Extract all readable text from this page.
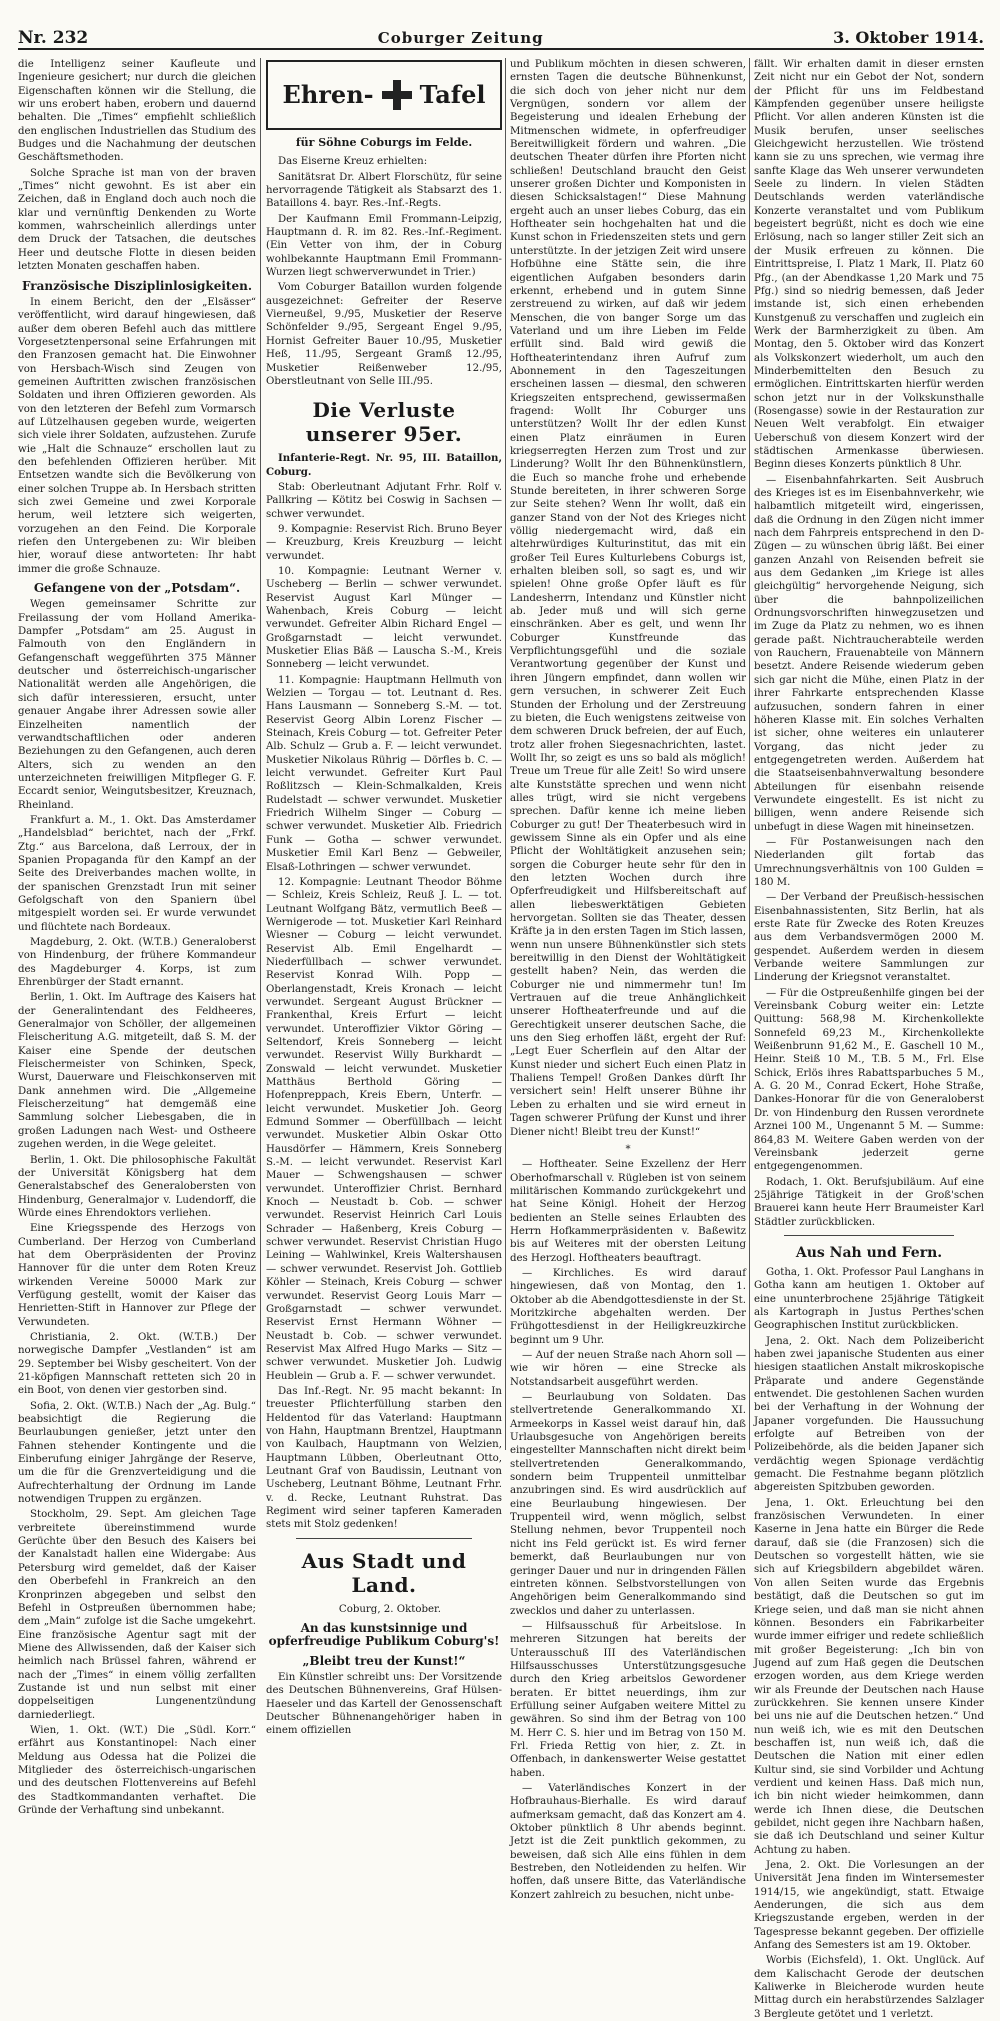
Nr. 232	Coburger Zeitung	3. Oktober 1914.

die Intelligenz seiner Kaufleute und Ingenieure gesichert; nur durch die gleichen Eigenschaften können wir die Stellung, die wir uns erobert haben, erobern und dauernd behalten. Die „Times“ empfiehlt schließlich den englischen Industriellen das Studium des Budges und die Nachahmung der deutschen Geschäftsmethoden.

Solche Sprache ist man von der braven „Times“ nicht gewohnt. Es ist aber ein Zeichen, daß in England doch auch noch die klar und vernünftig Denkenden zu Worte kommen, wahrscheinlich allerdings unter dem Druck der Tatsachen, die deutsches Heer und deutsche Flotte in diesen beiden letzten Monaten geschaffen haben.

Französische Disziplinlosigkeiten.

In einem Bericht, den der „Elsässer“ veröffentlicht, wird darauf hingewiesen, daß außer dem oberen Befehl auch das mittlere Vorgesetztenpersonal seine Erfahrungen mit den Franzosen gemacht hat. Die Einwohner von Hersbach-Wisch sind Zeugen von gemeinen Auftritten zwischen französischen Soldaten und ihren Offizieren geworden. Als von den letzteren der Befehl zum Vormarsch auf Lützelhausen gegeben wurde, weigerten sich viele ihrer Soldaten, aufzustehen. Zurufe wie „Halt die Schnauze“ erschollen laut zu den befehlenden Offizieren herüber. Mit Entsetzen wandte sich die Bevölkerung von einer solchen Truppe ab. In Hersbach stritten sich zwei Gemeine und zwei Korporale herum, weil letztere sich weigerten, vorzugehen an den Feind. Die Korporale riefen den Untergebenen zu: Wir bleiben hier, worauf diese antworteten: Ihr habt immer die große Schnauze.

Gefangene von der „Potsdam“.

Wegen gemeinsamer Schritte zur Freilassung der vom Holland Amerika-Dampfer „Potsdam“ am 25. August in Falmouth von den Engländern in Gefangenschaft weggeführten 375 Männer deutscher und österreichisch-ungarischer Nationalität werden alle Angehörigen, die sich dafür interessieren, ersucht, unter genauer Angabe ihrer Adressen sowie aller Einzelheiten namentlich der verwandtschaftlichen oder anderen Beziehungen zu den Gefangenen, auch deren Alters, sich zu wenden an den unterzeichneten freiwilligen Mitpfleger G. F. Eccardt senior, Weingutsbesitzer, Kreuznach, Rheinland.

Frankfurt a. M., 1. Okt. Das Amsterdamer „Handelsblad“ berichtet, nach der „Frkf. Ztg.“ aus Barcelona, daß Lerroux, der in Spanien Propaganda für den Kampf an der Seite des Dreiverbandes machen wollte, in der spanischen Grenzstadt Irun mit seiner Gefolgschaft von den Spaniern übel mitgespielt worden sei. Er wurde verwundet und flüchtete nach Bordeaux.

Magdeburg, 2. Okt. (W.T.B.) Generaloberst von Hindenburg, der frühere Kommandeur des Magdeburger 4. Korps, ist zum Ehrenbürger der Stadt ernannt.

Berlin, 1. Okt. Im Auftrage des Kaisers hat der Generalintendant des Feldheeres, Generalmajor von Schöller, der allgemeinen Fleischeritung A.G. mitgeteilt, daß S. M. der Kaiser eine Spende der deutschen Fleischermeister von Schinken, Speck, Wurst, Dauerware und Fleischkonserven mit Dank annehmen wird. Die „Allgemeine Fleischerzeitung“ hat demgemäß eine Sammlung solcher Liebesgaben, die in großen Ladungen nach West- und Ostheere zugehen werden, in die Wege geleitet.

Berlin, 1. Okt. Die philosophische Fakultät der Universität Königsberg hat dem Generalstabschef des Generalobersten von Hindenburg, Generalmajor v. Ludendorff, die Würde eines Ehrendoktors verliehen.

Eine Kriegsspende des Herzogs von Cumberland. Der Herzog von Cumberland hat dem Oberpräsidenten der Provinz Hannover für die unter dem Roten Kreuz wirkenden Vereine 50000 Mark zur Verfügung gestellt, womit der Kaiser das Henrietten-Stift in Hannover zur Pflege der Verwundeten.

Christiania, 2. Okt. (W.T.B.) Der norwegische Dampfer „Vestlanden“ ist am 29. September bei Wisby gescheitert. Von der 21-köpfigen Mannschaft retteten sich 20 in ein Boot, von denen vier gestorben sind.

Sofia, 2. Okt. (W.T.B.) Nach der „Ag. Bulg.“ beabsichtigt die Regierung die Beurlaubungen genießer, jetzt unter den Fahnen stehender Kontingente und die Einberufung einiger Jahrgänge der Reserve, um die für die Grenzverteidigung und die Aufrechterhaltung der Ordnung im Lande notwendigen Truppen zu ergänzen.

Stockholm, 29. Sept. Am gleichen Tage verbreitete übereinstimmend wurde Gerüchte über den Besuch des Kaisers bei der Kanalstadt hallen eine Widergabe: Aus Petersburg wird gemeldet, daß der Kaiser den Oberbefehl in Frankreich an den Kronprinzen abgegeben und selbst den Befehl in Ostpreußen übernommen habe; dem „Main“ zufolge ist die Sache umgekehrt. Eine französische Agentur sagt mit der Miene des Allwissenden, daß der Kaiser sich heimlich nach Brüssel fahren, während er nach der „Times“ in einem völlig zerfallten Zustande ist und nun selbst mit einer doppelseitigen Lungenentzündung darniederliegt.

Wien, 1. Okt. (W.T.) Die „Südl. Korr.“ erfährt aus Konstantinopel: Nach einer Meldung aus Odessa hat die Polizei die Mitglieder des österreichisch-ungarischen und des deutschen Flottenvereins auf Befehl des Stadtkommandanten verhaftet. Die Gründe der Verhaftung sind unbekannt.

Ehren- Tafel
für Söhne Coburgs im Felde.

Das Eiserne Kreuz erhielten:

Sanitätsrat Dr. Albert Florschütz, für seine hervorragende Tätigkeit als Stabsarzt des 1. Bataillons 4. bayr. Res.-Inf.-Regts.

Der Kaufmann Emil Frommann-Leipzig, Hauptmann d. R. im 82. Res.-Inf.-Regiment. (Ein Vetter von ihm, der in Coburg wohlbekannte Hauptmann Emil Frommann-Wurzen liegt schwerverwundet in Trier.)

Vom Coburger Bataillon wurden folgende ausgezeichnet: Gefreiter der Reserve Vierneußel, 9./95, Musketier der Reserve Schönfelder 9./95, Sergeant Engel 9./95, Hornist Gefreiter Bauer 10./95, Musketier Heß, 11./95, Sergeant Gramß 12./95, Musketier Reißenweber 12./95, Oberstleutnant von Selle III./95.

Die Verluste unserer 95er.

Infanterie-Regt. Nr. 95, III. Bataillon, Coburg.

Stab: Oberleutnant Adjutant Frhr. Rolf v. Pallkring — Kötitz bei Coswig in Sachsen — schwer verwundet.

9. Kompagnie: Reservist Rich. Bruno Beyer — Kreuzburg, Kreis Kreuzburg — leicht verwundet.

10. Kompagnie: Leutnant Werner v. Uscheberg — Berlin — schwer verwundet. Reservist August Karl Münger — Wahenbach, Kreis Coburg — leicht verwundet. Gefreiter Albin Richard Engel — Großgarnstadt — leicht verwundet. Musketier Elias Bäß — Lauscha S.-M., Kreis Sonneberg — leicht verwundet.

11. Kompagnie: Hauptmann Hellmuth von Welzien — Torgau — tot. Leutnant d. Res. Hans Lausmann — Sonneberg S.-M. — tot. Reservist Georg Albin Lorenz Fischer — Steinach, Kreis Coburg — tot. Gefreiter Peter Alb. Schulz — Grub a. F. — leicht verwundet. Musketier Nikolaus Rührig — Dörfles b. C. — leicht verwundet. Gefreiter Kurt Paul Roßlitzsch — Klein-Schmalkalden, Kreis Rudelstadt — schwer verwundet. Musketier Friedrich Wilhelm Singer — Coburg — schwer verwundet. Musketier Alb. Friedrich Funk — Gotha — schwer verwundet. Musketier Emil Karl Benz — Gebweiler, Elsaß-Lothringen — schwer verwundet.

12. Kompagnie: Leutnant Theodor Böhme — Schleiz, Kreis Schleiz, Reuß J. L. — tot. Leutnant Wolfgang Bätz, vermutlich Beeß — Wernigerode — tot. Musketier Karl Reinhard Wiesner — Coburg — leicht verwundet. Reservist Alb. Emil Engelhardt — Niederfüllbach — schwer verwundet. Reservist Konrad Wilh. Popp — Oberlangenstadt, Kreis Kronach — leicht verwundet. Sergeant August Brückner — Frankenthal, Kreis Erfurt — leicht verwundet. Unteroffizier Viktor Göring — Seltendorf, Kreis Sonneberg — leicht verwundet. Reservist Willy Burkhardt — Zonswald — leicht verwundet. Musketier Matthäus Berthold Göring — Hofenpreppach, Kreis Ebern, Unterfr. — leicht verwundet. Musketier Joh. Georg Edmund Sommer — Oberfüllbach — leicht verwundet. Musketier Albin Oskar Otto Hausdörfer — Hämmern, Kreis Sonneberg S.-M. — leicht verwundet. Reservist Karl Mauer — Schwengshausen — schwer verwundet. Unteroffizier Christ. Bernhard Knoch — Neustadt b. Cob. — schwer verwundet. Reservist Heinrich Carl Louis Schrader — Haßenberg, Kreis Coburg — schwer verwundet. Reservist Christian Hugo Leining — Wahlwinkel, Kreis Waltershausen — schwer verwundet. Reservist Joh. Gottlieb Köhler — Steinach, Kreis Coburg — schwer verwundet. Reservist Georg Louis Marr — Großgarnstadt — schwer verwundet. Reservist Ernst Hermann Wöhner — Neustadt b. Cob. — schwer verwundet. Reservist Max Alfred Hugo Marks — Sitz — schwer verwundet. Musketier Joh. Ludwig Heublein — Grub a. F. — schwer verwundet.

Das Inf.-Regt. Nr. 95 macht bekannt: In treuester Pflichterfüllung starben den Heldentod für das Vaterland: Hauptmann von Hahn, Hauptmann Brentzel, Hauptmann von Kaulbach, Hauptmann von Welzien, Hauptmann Lübben, Oberleutnant Otto, Leutnant Graf von Baudissin, Leutnant von Uscheberg, Leutnant Böhme, Leutnant Frhr. v. d. Recke, Leutnant Ruhstrat. Das Regiment wird seiner tapferen Kameraden stets mit Stolz gedenken!

Aus Stadt und Land.

Coburg, 2. Oktober.

An das kunstsinnige und opferfreudige Publikum Coburg's!
„Bleibt treu der Kunst!“

Ein Künstler schreibt uns: Der Vorsitzende des Deutschen Bühnenvereins, Graf Hülsen-Haeseler und das Kartell der Genossenschaft Deutscher Bühnenangehöriger haben in einem offiziellen

und Publikum möchten in diesen schweren, ernsten Tagen die deutsche Bühnenkunst, die sich doch von jeher nicht nur dem Vergnügen, sondern vor allem der Begeisterung und idealen Erhebung der Mitmenschen widmete, in opferfreudiger Bereitwilligkeit fördern und wahren. „Die deutschen Theater dürfen ihre Pforten nicht schließen! Deutschland braucht den Geist unserer großen Dichter und Komponisten in diesen Schicksalstagen!“ Diese Mahnung ergeht auch an unser liebes Coburg, das ein Hoftheater sein hochgehalten hat und die Kunst schon in Friedenszeiten stets und gern unterstützte. In der jetzigen Zeit wird unsere Hofbühne eine Stätte sein, die ihre eigentlichen Aufgaben besonders darin erkennt, erhebend und in gutem Sinne zerstreuend zu wirken, auf daß wir jedem Menschen, die von banger Sorge um das Vaterland und um ihre Lieben im Felde erfüllt sind. Bald wird gewiß die Hoftheaterintendanz ihren Aufruf zum Abonnement in den Tageszeitungen erscheinen lassen — diesmal, den schweren Kriegszeiten entsprechend, gewissermaßen fragend: Wollt Ihr Coburger uns unterstützen? Wollt Ihr der edlen Kunst einen Platz einräumen in Euren kriegserregten Herzen zum Trost und zur Linderung? Wollt Ihr den Bühnenkünstlern, die Euch so manche frohe und erhebende Stunde bereiteten, in ihrer schweren Sorge zur Seite stehen? Wenn Ihr wollt, daß ein ganzer Stand von der Not des Krieges nicht völlig niedergemacht wird, daß ein altehrwürdiges Kulturinstitut, das mit ein großer Teil Eures Kulturlebens Coburgs ist, erhalten bleiben soll, so sagt es, und wir spielen! Ohne große Opfer läuft es für Landesherrn, Intendanz und Künstler nicht ab. Jeder muß und will sich gerne einschränken. Aber es gelt, und wenn Ihr Coburger Kunstfreunde das Verpflichtungsgefühl und die soziale Verantwortung gegenüber der Kunst und ihren Jüngern empfindet, dann wollen wir gern versuchen, in schwerer Zeit Euch Stunden der Erholung und der Zerstreuung zu bieten, die Euch wenigstens zeitweise von dem schweren Druck befreien, der auf Euch, trotz aller frohen Siegesnachrichten, lastet. Wollt Ihr, so zeigt es uns so bald als möglich! Treue um Treue für alle Zeit! So wird unsere alte Kunststätte sprechen und wenn nicht alles trügt, wird sie nicht vergebens sprechen. Dafür kenne ich meine lieben Coburger zu gut! Der Theaterbesuch wird in gewissem Sinne als ein Opfer und als eine Pflicht der Wohltätigkeit anzusehen sein; sorgen die Coburger heute sehr für den in den letzten Wochen durch ihre Opferfreudigkeit und Hilfsbereitschaft auf allen liebeswerktätigen Gebieten hervorgetan. Sollten sie das Theater, dessen Kräfte ja in den ersten Tagen im Stich lassen, wenn nun unsere Bühnenkünstler sich stets bereitwillig in den Dienst der Wohltätigkeit gestellt haben? Nein, das werden die Coburger nie und nimmermehr tun! Im Vertrauen auf die treue Anhänglichkeit unserer Hoftheaterfreunde und auf die Gerechtigkeit unserer deutschen Sache, die uns den Sieg erhoffen läßt, ergeht der Ruf: „Legt Euer Scherflein auf den Altar der Kunst nieder und sichert Euch einen Platz in Thaliens Tempel! Großen Dankes dürft Ihr versichert sein! Helft unserer Bühne ihr Leben zu erhalten und sie wird erneut in Tagen schwerer Prüfung der Kunst und ihrer Diener nicht! Bleibt treu der Kunst!“

*

— Hoftheater. Seine Exzellenz der Herr Oberhofmarschall v. Rügleben ist von seinem militärischen Kommando zurückgekehrt und hat Seine Königl. Hoheit der Herzog bedienten an Stelle seines Erlaubten des Herrn Hofkammerpräsidenten v. Baßewitz bis auf Weiteres mit der obersten Leitung des Herzogl. Hoftheaters beauftragt.

— Kirchliches. Es wird darauf hingewiesen, daß von Montag, den 1. Oktober ab die Abendgottesdienste in der St. Moritzkirche abgehalten werden. Der Frühgottesdienst in der Heiligkreuzkirche beginnt um 9 Uhr.

— Auf der neuen Straße nach Ahorn soll — wie wir hören — eine Strecke als Notstandsarbeit ausgeführt werden.

— Beurlaubung von Soldaten. Das stellvertretende Generalkommando XI. Armeekorps in Kassel weist darauf hin, daß Urlaubsgesuche von Angehörigen bereits eingestellter Mannschaften nicht direkt beim stellvertretenden Generalkommando, sondern beim Truppenteil unmittelbar anzubringen sind. Es wird ausdrücklich auf eine Beurlaubung hingewiesen. Der Truppenteil wird, wenn möglich, selbst Stellung nehmen, bevor Truppenteil noch nicht ins Feld gerückt ist. Es wird ferner bemerkt, daß Beurlaubungen nur von geringer Dauer und nur in dringenden Fällen eintreten können. Selbstvorstellungen von Angehörigen beim Generalkommando sind zwecklos und daher zu unterlassen.

— Hilfsausschuß für Arbeitslose. In mehreren Sitzungen hat bereits der Unterausschuß III des Vaterländischen Hilfsausschusses Unterstützungsgesuche durch den Krieg arbeitslos Gewordener beraten. Er bittet neuerdings, ihm zur Erfüllung seiner Aufgaben weitere Mittel zu gewähren. So sind ihm der Betrag von 100 M. Herr C. S. hier und im Betrag von 150 M. Frl. Frieda Rettig von hier, z. Zt. in Offenbach, in dankenswerter Weise gestattet haben.

— Vaterländisches Konzert in der Hofbrauhaus-Bierhalle. Es wird darauf aufmerksam gemacht, daß das Konzert am 4. Oktober pünktlich 8 Uhr abends beginnt. Jetzt ist die Zeit punktlich gekommen, zu beweisen, daß sich Alle eins fühlen in dem Bestreben, den Notleidenden zu helfen. Wir hoffen, daß unsere Bitte, das Vaterländische Konzert zahlreich zu besuchen, nicht unbe-

fällt. Wir erhalten damit in dieser ernsten Zeit nicht nur ein Gebot der Not, sondern der Pflicht für uns im Feldbestand Kämpfenden gegenüber unsere heiligste Pflicht. Vor allen anderen Künsten ist die Musik berufen, unser seelisches Gleichgewicht herzustellen. Wie tröstend kann sie zu uns sprechen, wie vermag ihre sanfte Klage das Weh unserer verwundeten Seele zu lindern. In vielen Städten Deutschlands werden vaterländische Konzerte veranstaltet und vom Publikum begeistert begrüßt, nicht es doch wie eine Erlösung, nach so langer stiller Zeit sich an der Musik erfreuen zu können. Die Eintrittspreise, I. Platz 1 Mark, II. Platz 60 Pfg., (an der Abendkasse 1,20 Mark und 75 Pfg.) sind so niedrig bemessen, daß Jeder imstande ist, sich einen erhebenden Kunstgenuß zu verschaffen und zugleich ein Werk der Barmherzigkeit zu üben. Am Montag, den 5. Oktober wird das Konzert als Volkskonzert wiederholt, um auch den Minderbemittelten den Besuch zu ermöglichen. Eintrittskarten hierfür werden schon jetzt nur in der Volkskunsthalle (Rosengasse) sowie in der Restauration zur Neuen Welt verabfolgt. Ein etwaiger Ueberschuß von diesem Konzert wird der städtischen Armenkasse überwiesen. Beginn dieses Konzerts pünktlich 8 Uhr.

— Eisenbahnfahrkarten. Seit Ausbruch des Krieges ist es im Eisenbahnverkehr, wie halbamtlich mitgeteilt wird, eingerissen, daß die Ordnung in den Zügen nicht immer nach dem Fahrpreis entsprechend in den D-Zügen — zu wünschen übrig läßt. Bei einer ganzen Anzahl von Reisenden befreit sie aus dem Gedanken „im Kriege ist alles gleichgültig“ hervorgehende Neigung, sich über die bahnpolizeilichen Ordnungsvorschriften hinwegzusetzen und im Zuge da Platz zu nehmen, wo es ihnen gerade paßt. Nichtraucherabteile werden von Rauchern, Frauenabteile von Männern besetzt. Andere Reisende wiederum geben sich gar nicht die Mühe, einen Platz in der ihrer Fahrkarte entsprechenden Klasse aufzusuchen, sondern fahren in einer höheren Klasse mit. Ein solches Verhalten ist sicher, ohne weiteres ein unlauterer Vorgang, das nicht jeder zu entgegengetreten werden. Außerdem hat die Staatseisenbahnverwaltung besondere Abteilungen für eisenbahn reisende Verwundete eingestellt. Es ist nicht zu billigen, wenn andere Reisende sich unbefugt in diese Wagen mit hineinsetzen.

— Für Postanweisungen nach den Niederlanden gilt fortab das Umrechnungsverhältnis von 100 Gulden = 180 M.

— Der Verband der Preußisch-hessischen Eisenbahnassistenten, Sitz Berlin, hat als erste Rate für Zwecke des Roten Kreuzes aus dem Verbandsvermögen 2000 M. gespendet. Außerdem werden in diesem Verbande weitere Sammlungen zur Linderung der Kriegsnot veranstaltet.

— Für die Ostpreußenhilfe gingen bei der Vereinsbank Coburg weiter ein: Letzte Quittung: 568,98 M. Kirchenkollekte Sonnefeld 69,23 M., Kirchenkollekte Weißenbrunn 91,62 M., E. Gaschell 10 M., Heinr. Steiß 10 M., T.B. 5 M., Frl. Else Schick, Erlös ihres Rabattsparbuches 5 M., A. G. 20 M., Conrad Eckert, Hohe Straße, Dankes-Honorar für die von Generaloberst Dr. von Hindenburg den Russen verordnete Arznei 100 M., Ungenannt 5 M. — Summe: 864,83 M. Weitere Gaben werden von der Vereinsbank jederzeit gerne entgegengenommen.

Rodach, 1. Okt. Berufsjubiläum. Auf eine 25jährige Tätigkeit in der Groß'schen Brauerei kann heute Herr Braumeister Karl Städtler zurückblicken.

Aus Nah und Fern.

Gotha, 1. Okt. Professor Paul Langhans in Gotha kann am heutigen 1. Oktober auf eine ununterbrochene 25jährige Tätigkeit als Kartograph in Justus Perthes'schen Geographischen Institut zurückblicken.

Jena, 2. Okt. Nach dem Polizeibericht haben zwei japanische Studenten aus einer hiesigen staatlichen Anstalt mikroskopische Präparate und andere Gegenstände entwendet. Die gestohlenen Sachen wurden bei der Verhaftung in der Wohnung der Japaner vorgefunden. Die Haussuchung erfolgte auf Betreiben von der Polizeibehörde, als die beiden Japaner sich verdächtig wegen Spionage verdächtig gemacht. Die Festnahme begann plötzlich abgereisten Spitzbuben geworden.

Jena, 1. Okt. Erleuchtung bei den französischen Verwundeten. In einer Kaserne in Jena hatte ein Bürger die Rede darauf, daß sie (die Franzosen) sich die Deutschen so vorgestellt hätten, wie sie sich auf Kriegsbildern abgebildet wären. Von allen Seiten wurde das Ergebnis bestätigt, daß die Deutschen so gut im Kriege seien, und daß man sie nicht ahnen können. Besonders ein Fabrikarbeiter wurde immer eifriger und redete schließlich mit großer Begeisterung: „Ich bin von Jugend auf zum Haß gegen die Deutschen erzogen worden, aus dem Kriege werden wir als Freunde der Deutschen nach Hause zurückkehren. Sie kennen unsere Kinder bei uns nie auf die Deutschen hetzen.“ Und nun weiß ich, wie es mit den Deutschen beschaffen ist, nun weiß ich, daß die Deutschen die Nation mit einer edlen Kultur sind, sie sind Vorbilder und Achtung verdient und keinen Hass. Daß mich nun, ich bin nicht wieder heimkommen, dann werde ich Ihnen diese, die Deutschen gebildet, nicht gegen ihre Nachbarn haßen, sie daß ich Deutschland und seiner Kultur Achtung zu haben.

Jena, 2. Okt. Die Vorlesungen an der Universität Jena finden im Wintersemester 1914/15, wie angekündigt, statt. Etwaige Aenderungen, die sich aus dem Kriegszustande ergeben, werden in der Tagespresse bekannt gegeben. Der offizielle Anfang des Semesters ist am 19. Oktober.

Worbis (Eichsfeld), 1. Okt. Unglück. Auf dem Kalischacht Gerode der deutschen Kaliwerke in Bleicherode wurden heute Mittag durch ein herabstürzendes Salzlager 3 Bergleute getötet und 1 verletzt.
